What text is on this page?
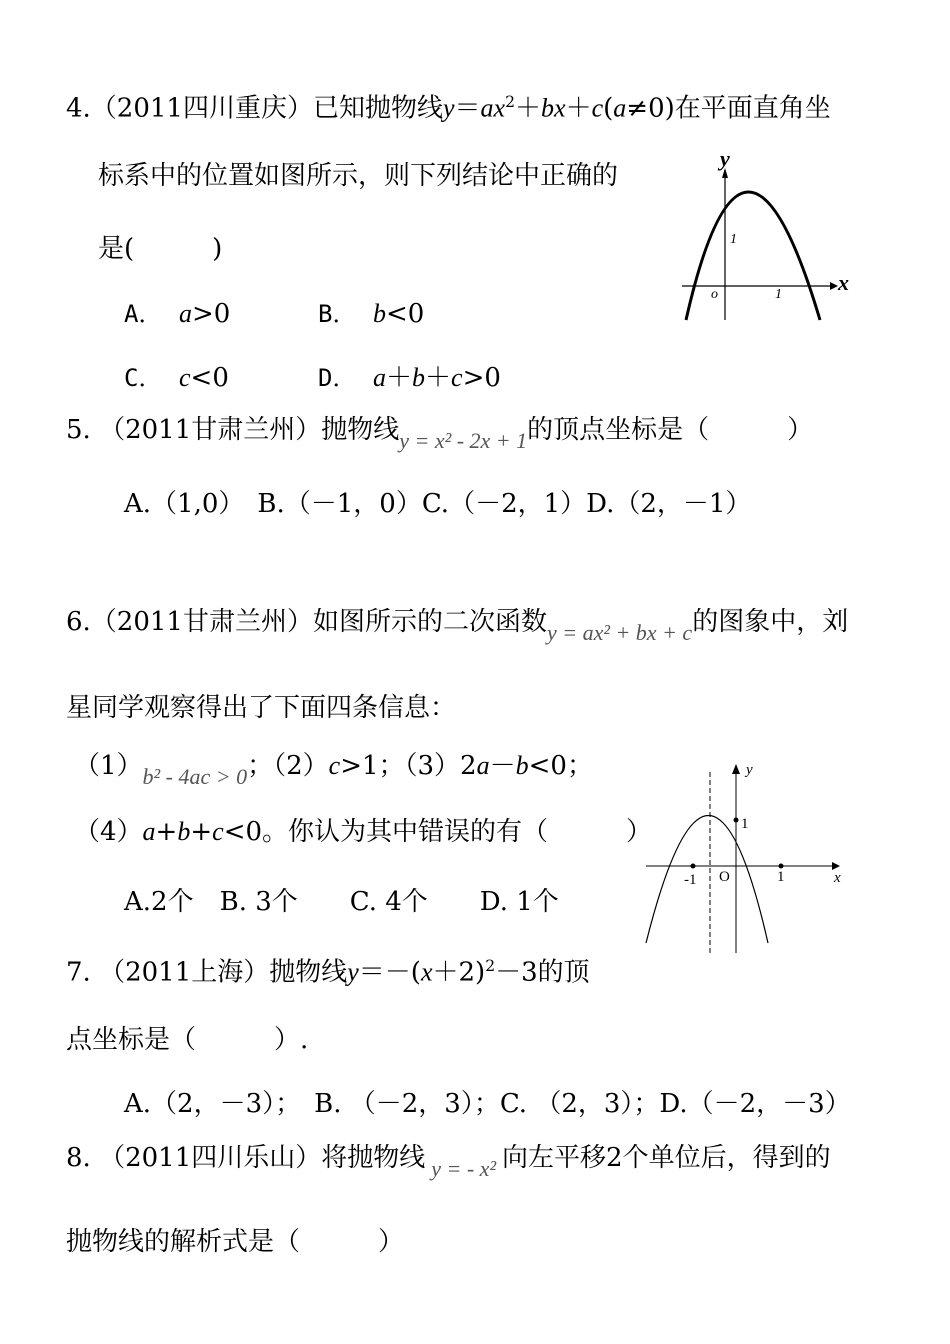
4.（2011四川重庆）已知抛物线$y=ax^2+bx+c(a\ne 0)$在平面直角坐
标系中的位置如图所示，则下列结论中正确的
是(　　　)
A． a>0	B． b<0
C． c<0	D． a＋b＋c>0
y
x
o	1
1
5. （2011甘肃兰州）抛物线$_{y = x^2 - 2x + 1}$的顶点坐标是（　　　）
A.（1,0）　B.（－1，0）C.（－2，1）D.（2，－1）
6.（2011甘肃兰州）如图所示的二次函数$_{y = ax^2 + bx + c}$的图象中，刘
星同学观察得出了下面四条信息：
$(1)_{b^2 - 4ac > 0}$；（2）c>1；（3）2a－b<0；
（4）a+b+c<0。你认为其中错误的有（　　　）
A.2个　B. 3个　　C. 4个　　D. 1个
y
x
O
-1	1
1
7. （2011上海）抛物线$y=-(x+2)^2-3$的顶
点坐标是（　　　）.
A.（2，－3）；　B. （－2，3）；C. （2，3）；D.（－2，－3）
8. （2011四川乐山）将抛物线 $_{y = - x^2}$ 向左平移2个单位后，得到的
抛物线的解析式是（　　　）
